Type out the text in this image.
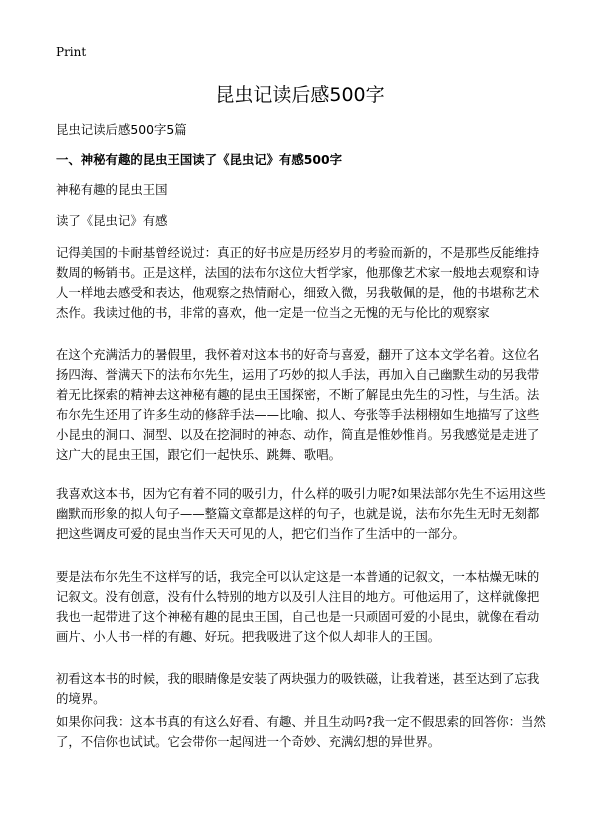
Print
昆虫记读后感500字
昆虫记读后感500字5篇
一、神秘有趣的昆虫王国读了《昆虫记》有感500字
神秘有趣的昆虫王国
读了《昆虫记》有感

记得美国的卡耐基曾经说过：真正的好书应是历经岁月的考验而新的，不是那些反能维持数周的畅销书。正是这样，法国的法布尔这位大哲学家，他那像艺术家一般地去观察和诗人一样地去感受和表达，他观察之热情耐心，细致入微，另我敬佩的是，他的书堪称艺术杰作。我读过他的书，非常的喜欢，他一定是一位当之无愧的无与伦比的观察家

在这个充满活力的暑假里，我怀着对这本书的好奇与喜爱，翻开了这本文学名着。这位名扬四海、誉满天下的法布尔先生，运用了巧妙的拟人手法，再加入自己幽默生动的另我带着无比探索的精神去这神秘有趣的昆虫王国探密，不断了解昆虫先生的习性，与生活。法布尔先生还用了许多生动的修辞手法——比喻、拟人、夸张等手法栩栩如生地描写了这些小昆虫的洞口、洞型、以及在挖洞时的神态、动作，简直是惟妙惟肖。另我感觉是走进了这广大的昆虫王国，跟它们一起快乐、跳舞、歌唱。

我喜欢这本书，因为它有着不同的吸引力，什么样的吸引力呢?如果法部尔先生不运用这些幽默而形象的拟人句子——整篇文章都是这样的句子，也就是说，法布尔先生无时无刻都把这些调皮可爱的昆虫当作天天可见的人，把它们当作了生活中的一部分。

要是法布尔先生不这样写的话，我完全可以认定这是一本普通的记叙文，一本枯燥无味的记叙文。没有创意，没有什么特别的地方以及引人注目的地方。可他运用了，这样就像把我也一起带进了这个神秘有趣的昆虫王国，自己也是一只顽固可爱的小昆虫，就像在看动画片、小人书一样的有趣、好玩。把我吸进了这个似人却非人的王国。

初看这本书的时候，我的眼睛像是安装了两块强力的吸铁磁，让我着迷，甚至达到了忘我的境界。

如果你问我：这本书真的有这么好看、有趣、并且生动吗?我一定不假思索的回答你：当然了，不信你也试试。它会带你一起闯进一个奇妙、充满幻想的异世界。
